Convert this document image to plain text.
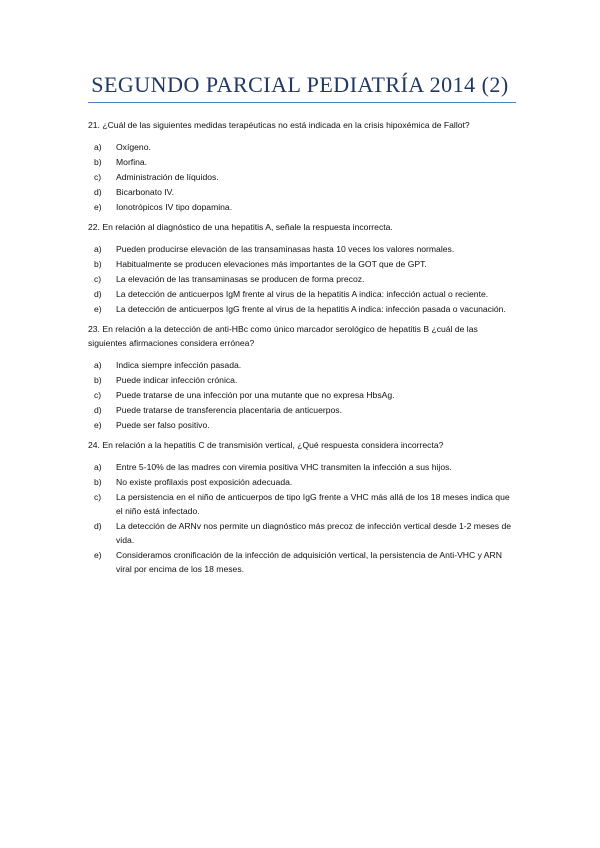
SEGUNDO PARCIAL PEDIATRÍA 2014 (2)
21. ¿Cuál de las siguientes medidas terapéuticas no está indicada en la crisis hipoxémica de Fallot?
a)	Oxígeno.
b)	Morfina.
c)	Administración de líquidos.
d)	Bicarbonato IV.
e)	Ionotrópicos IV tipo dopamina.
22. En relación al diagnóstico de una hepatitis A, señale la respuesta incorrecta.
a)	Pueden producirse elevación de las transaminasas hasta 10 veces los valores normales.
b)	Habitualmente se producen elevaciones más importantes de la GOT que de GPT.
c)	La elevación de las transaminasas se producen de forma precoz.
d)	La detección de anticuerpos IgM frente al virus de la hepatitis A indica: infección actual o reciente.
e)	La detección de anticuerpos IgG frente al virus de la hepatitis A indica: infección pasada o vacunación.
23. En relación a la detección de anti-HBc como único marcador serológico de hepatitis B ¿cuál de las siguientes afirmaciones considera errónea?
a)	Indica siempre infección pasada.
b)	Puede indicar infección crónica.
c)	Puede tratarse de una infección por una mutante que no expresa HbsAg.
d)	Puede tratarse de transferencia placentaria de anticuerpos.
e)	Puede ser falso positivo.
24. En relación a la hepatitis C de transmisión vertical, ¿Qué respuesta considera incorrecta?
a)	Entre 5-10% de las madres con viremia positiva VHC transmiten la infección a sus hijos.
b)	No existe profilaxis post exposición adecuada.
c)	La persistencia en el niño de anticuerpos de tipo IgG frente a VHC más allá de los 18 meses indica que el niño está infectado.
d)	La detección de ARNv nos permite un diagnóstico más precoz de infección vertical desde 1-2 meses de vida.
e)	Consideramos cronificación de la infección de adquisición vertical, la persistencia de Anti-VHC y ARN viral por encima de los 18 meses.
